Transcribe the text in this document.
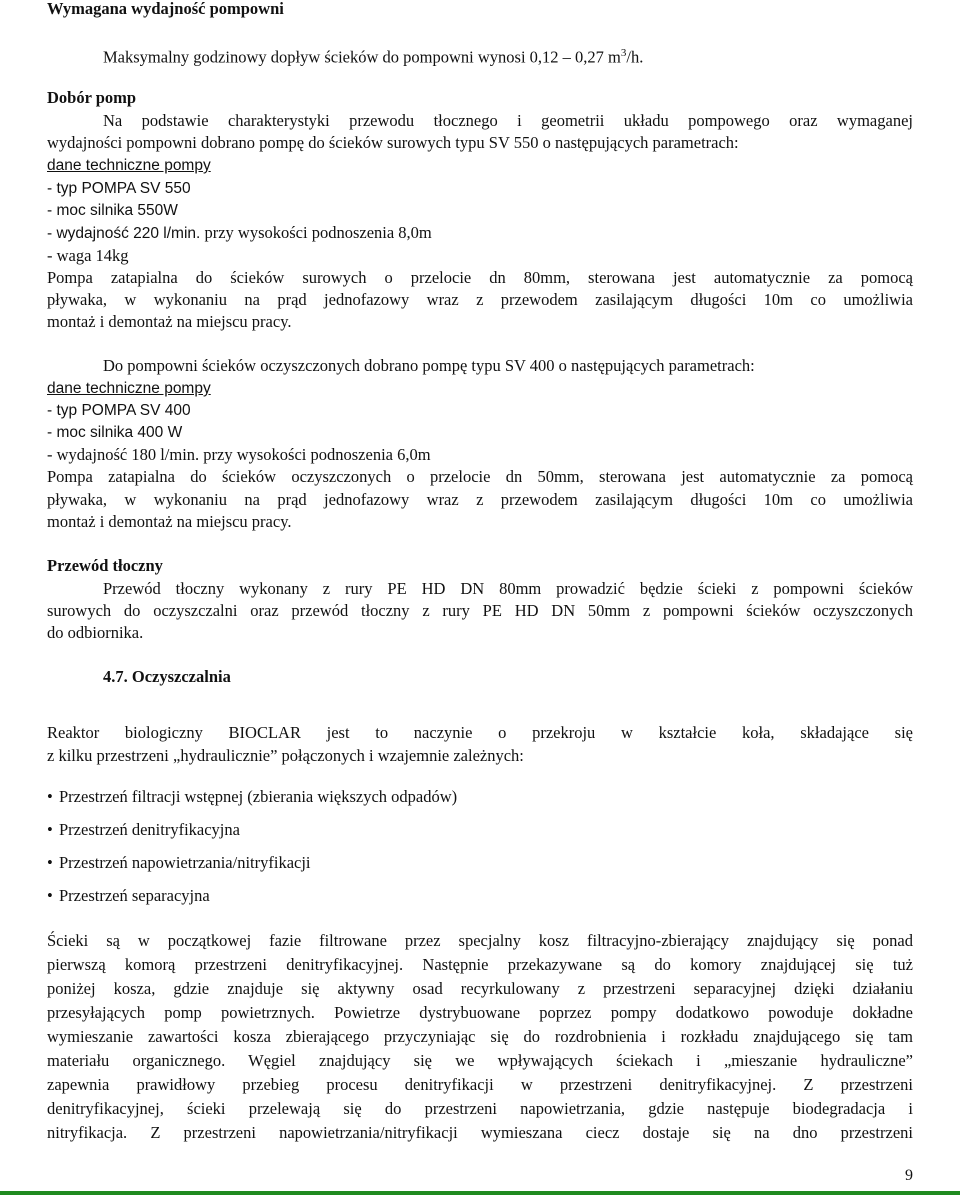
Wymagana wydajność pompowni
Maksymalny godzinowy dopływ ścieków do pompowni wynosi 0,12 – 0,27 $m^3/h$.
Dobór pomp
Na podstawie charakterystyki przewodu tłocznego i geometrii układu pompowego oraz wymaganej
wydajności pompowni dobrano pompę do ścieków surowych typu SV 550 o następujących parametrach:
dane techniczne pompy
- typ POMPA SV 550
- moc silnika 550W
- wydajność 220 l/min. przy wysokości podnoszenia 8,0m
- waga 14kg
Pompa zatapialna do ścieków surowych o przelocie dn 80mm, sterowana jest automatycznie za pomocą
pływaka, w wykonaniu na prąd jednofazowy wraz z przewodem zasilającym długości 10m co umożliwia
montaż i demontaż na miejscu pracy.
Do pompowni ścieków oczyszczonych dobrano pompę typu SV 400 o następujących parametrach:
dane techniczne pompy
- typ POMPA SV 400
- moc silnika 400 W
- wydajność 180 l/min. przy wysokości podnoszenia 6,0m
Pompa zatapialna do ścieków oczyszczonych o przelocie dn 50mm, sterowana jest automatycznie za pomocą
pływaka, w wykonaniu na prąd jednofazowy wraz z przewodem zasilającym długości 10m co umożliwia
montaż i demontaż na miejscu pracy.
Przewód tłoczny
Przewód tłoczny wykonany z rury PE HD DN 80mm prowadzić będzie ścieki z pompowni ścieków
surowych do oczyszczalni oraz przewód tłoczny z rury PE HD DN 50mm z pompowni ścieków oczyszczonych
do odbiornika.
4.7. Oczyszczalnia
Reaktor biologiczny BIOCLAR jest to naczynie o przekroju w kształcie koła, składające się
z kilku przestrzeni „hydraulicznie” połączonych i wzajemnie zależnych:
• Przestrzeń filtracji wstępnej (zbierania większych odpadów)
• Przestrzeń denitryfikacyjna
• Przestrzeń napowietrzania/nitryfikacji
• Przestrzeń separacyjna
Ścieki są w początkowej fazie filtrowane przez specjalny kosz filtracyjno-zbierający znajdujący się ponad
pierwszą komorą przestrzeni denitryfikacyjnej. Następnie przekazywane są do komory znajdującej się tuż
poniżej kosza, gdzie znajduje się aktywny osad recyrkulowany z przestrzeni separacyjnej dzięki działaniu
przesyłających pomp powietrznych. Powietrze dystrybuowane poprzez pompy dodatkowo powoduje dokładne
wymieszanie zawartości kosza zbierającego przyczyniając się do rozdrobnienia i rozkładu znajdującego się tam
materiału organicznego. Węgiel znajdujący się we wpływających ściekach i „mieszanie hydrauliczne”
zapewnia prawidłowy przebieg procesu denitryfikacji w przestrzeni denitryfikacyjnej. Z przestrzeni
denitryfikacyjnej, ścieki przelewają się do przestrzeni napowietrzania, gdzie następuje biodegradacja i
nitryfikacja. Z przestrzeni napowietrzania/nitryfikacji wymieszana ciecz dostaje się na dno przestrzeni
9
